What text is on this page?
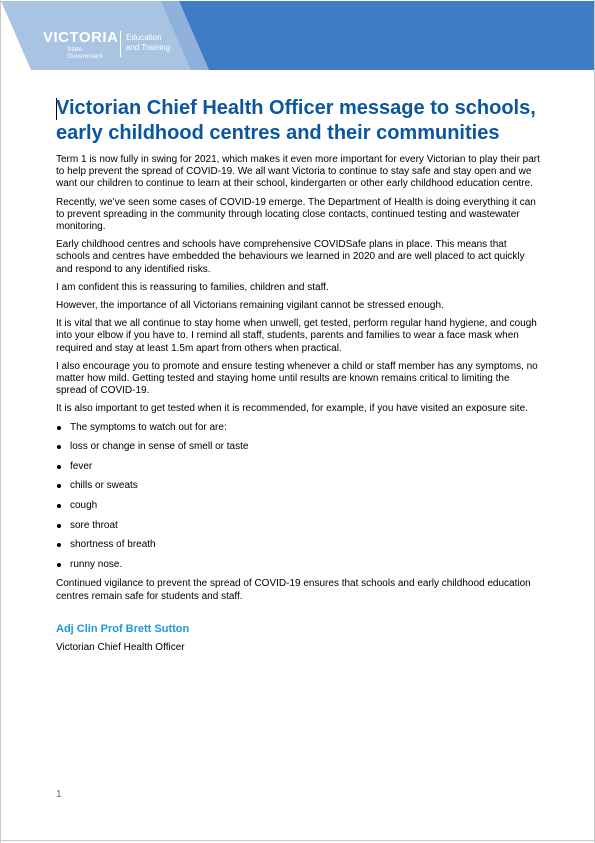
VICTORIA
State
Government
Education
and Training
Victorian Chief Health Officer message to schools, early childhood centres and their communities

Term 1 is now fully in swing for 2021, which makes it even more important for every Victorian to play their part to help prevent the spread of COVID-19. We all want Victoria to continue to stay safe and stay open and we want our children to continue to learn at their school, kindergarten or other early childhood education centre.

Recently, we’ve seen some cases of COVID-19 emerge. The Department of Health is doing everything it can to prevent spreading in the community through locating close contacts, continued testing and wastewater monitoring.

Early childhood centres and schools have comprehensive COVIDSafe plans in place. This means that schools and centres have embedded the behaviours we learned in 2020 and are well placed to act quickly and respond to any identified risks.

I am confident this is reassuring to families, children and staff.

However, the importance of all Victorians remaining vigilant cannot be stressed enough.

It is vital that we all continue to stay home when unwell, get tested, perform regular hand hygiene, and cough into your elbow if you have to. I remind all staff, students, parents and families to wear a face mask when required and stay at least 1.5m apart from others when practical.

I also encourage you to promote and ensure testing whenever a child or staff member has any symptoms, no matter how mild. Getting tested and staying home until results are known remains critical to limiting the spread of COVID-19.

It is also important to get tested when it is recommended, for example, if you have visited an exposure site.

The symptoms to watch out for are:
loss or change in sense of smell or taste
fever
chills or sweats
cough
sore throat
shortness of breath
runny nose.

Continued vigilance to prevent the spread of COVID-19 ensures that schools and early childhood education centres remain safe for students and staff.

Adj Clin Prof Brett Sutton
Victorian Chief Health Officer
1
